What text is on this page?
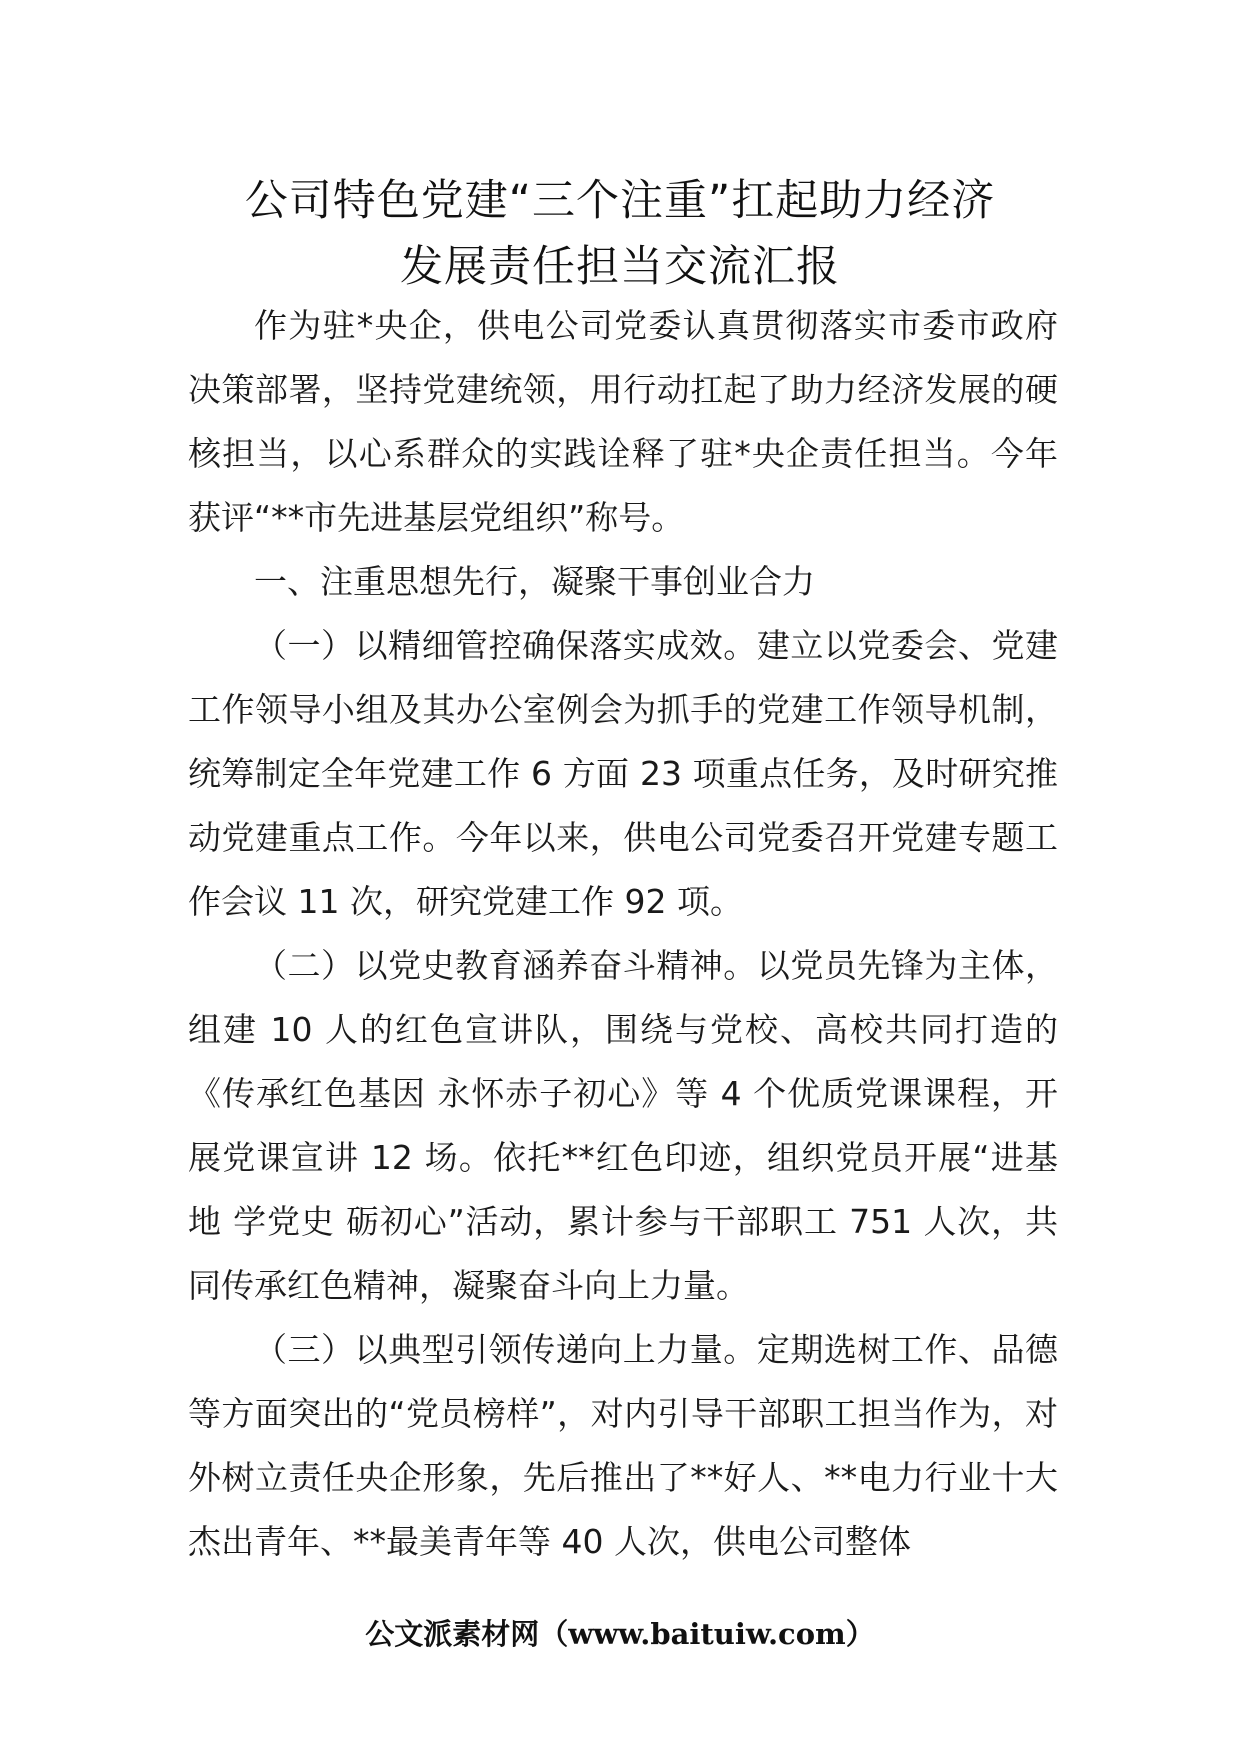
公司特色党建“三个注重”扛起助力经济
发展责任担当交流汇报

作为驻*央企，供电公司党委认真贯彻落实市委市政府决策部署，坚持党建统领，用行动扛起了助力经济发展的硬核担当，以心系群众的实践诠释了驻*央企责任担当。今年获评“**市先进基层党组织”称号。

一、注重思想先行，凝聚干事创业合力

（一）以精细管控确保落实成效。建立以党委会、党建工作领导小组及其办公室例会为抓手的党建工作领导机制，统筹制定全年党建工作 6 方面 23 项重点任务，及时研究推动党建重点工作。今年以来，供电公司党委召开党建专题工作会议 11 次，研究党建工作 92 项。

（二）以党史教育涵养奋斗精神。以党员先锋为主体，组建 10 人的红色宣讲队，围绕与党校、高校共同打造的《传承红色基因 永怀赤子初心》等 4 个优质党课课程，开展党课宣讲 12 场。依托**红色印迹，组织党员开展“进基地 学党史 砺初心”活动，累计参与干部职工 751 人次，共同传承红色精神，凝聚奋斗向上力量。

（三）以典型引领传递向上力量。定期选树工作、品德等方面突出的“党员榜样”，对内引导干部职工担当作为，对外树立责任央企形象，先后推出了**好人、**电力行业十大杰出青年、**最美青年等 40 人次，供电公司整体

公文派素材网（www.baituiw.com）
